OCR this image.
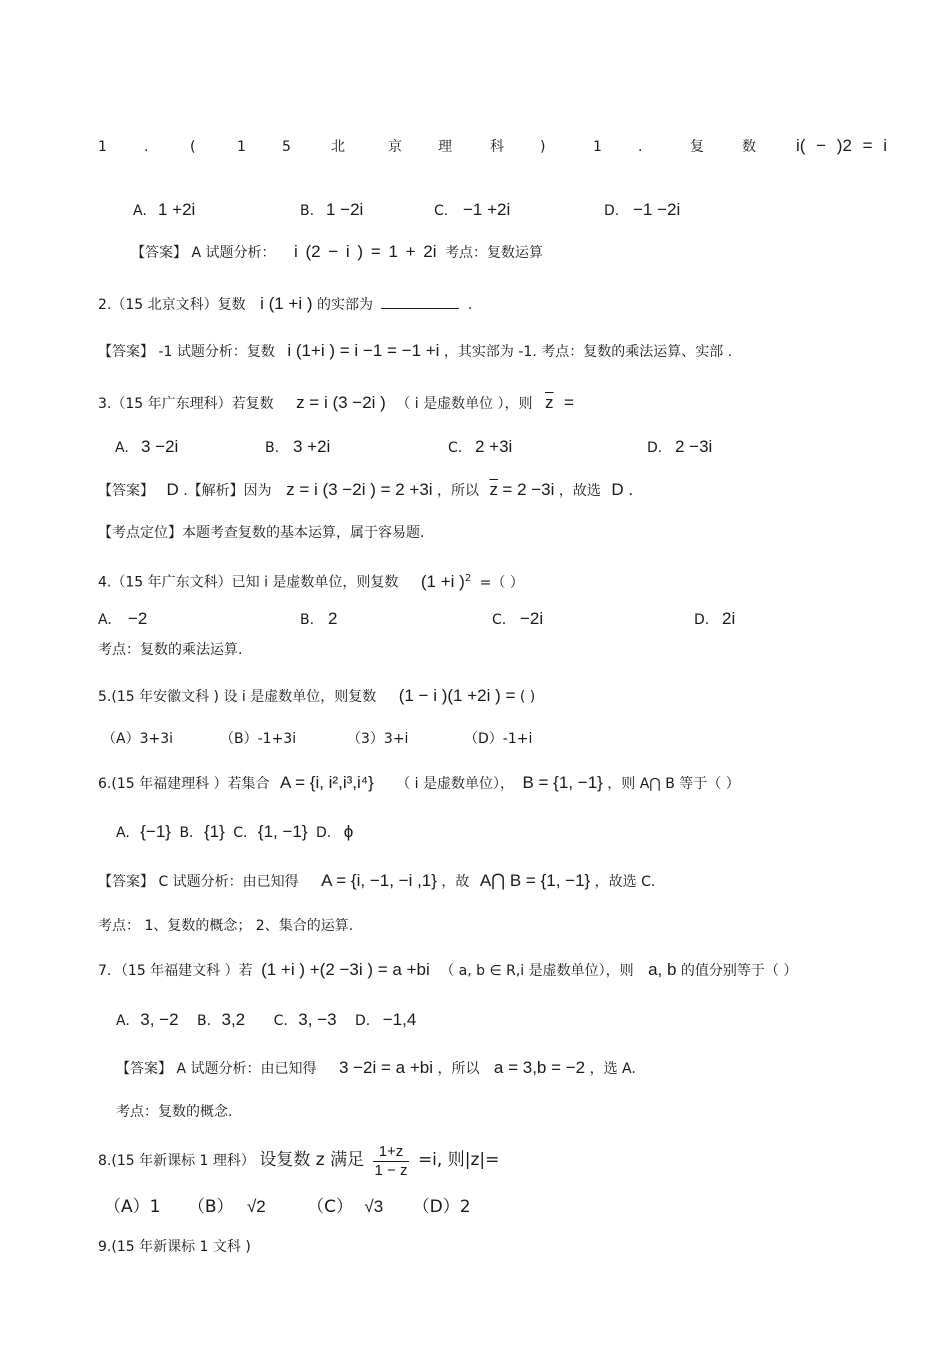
1	.	(	1	5	北	京	理	科	)	1	.	复	数 i( − )2 = i
A. 1 +2i	B. 1 −2i	C. −1 +2i	D. −1 −2i
【答案】 A 试题分析： i (2 − i ) = 1 + 2i 考点：复数运算
2.（15 北京文科）复数 i (1 +i ) 的实部为	.
【答案】 -1 试题分析：复数 i (1+i ) = i −1 = −1 +i ，其实部为 -1. 考点：复数的乘法运算、实部 .
3.（15 年广东理科）若复数 z = i (3 −2i ) （ i 是虚数单位 ），则 $\overline{z}$ =
A. 3 −2i	B. 3 +2i	C. 2 +3i	D. 2 −3i
【答案】 D .【解析】因为 z = i (3 −2i ) = 2 +3i ，所以 $\overline{z} = 2 -3i$ ，故选 D .
【考点定位】本题考查复数的基本运算，属于容易题.
4.（15 年广东文科）已知 i 是虚数单位，则复数 (1 +i )$^2$ =（ ）
A. −2	B. 2	C. −2i	D. 2i
考点：复数的乘法运算.
5.(15 年安徽文科 ) 设 i 是虚数单位，则复数 (1 − i )(1 +2i ) = ( )
（A）3+3i	（B）-1+3i	（3）3+i	（D）-1+i
6.(15 年福建理科 ）若集合 A = {i, i²,i³,i⁴} （ i 是虚数单位）， B = {1, −1} ，则 A⋂ B 等于（ ）
A. {−1} B. {1} C. {1, −1} D. ϕ
【答案】 C 试题分析：由已知得 A = {i, −1, −i ,1} ，故 A⋂ B = {1, −1} ，故选 C.
考点： 1、复数的概念； 2、集合的运算.
7．（15 年福建文科 ）若 (1 +i ) +(2 −3i ) = a +bi （ a, b ∈ R,i 是虚数单位），则 a, b 的值分别等于（ ）
A. 3, −2 B. 3,2 C. 3, −3 D. −1,4
【答案】 A 试题分析：由已知得 3 −2i = a +bi ，所以 a = 3,b = −2 ，选 A.
考点：复数的概念.
8.(15 年新课标 1 理科） 设复数 z 满足 $\frac{1+z}{1 - z} =i$, 则|z|=
（A）1 （B） √2 （C） √3 （D）2
9.(15 年新课标 1 文科 )
